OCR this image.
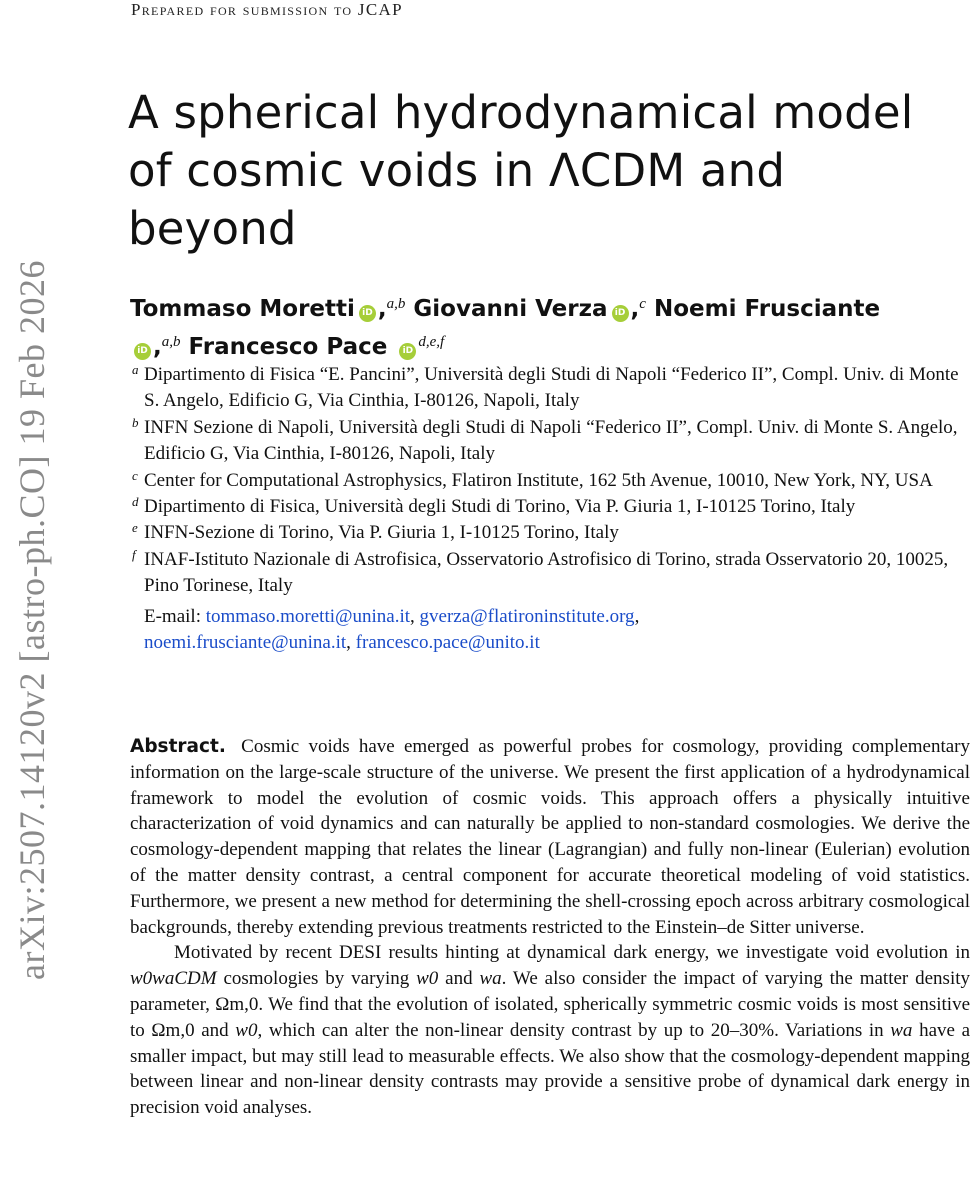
arXiv:2507.14120v2 [astro-ph.CO] 19 Feb 2026
Prepared for submission to JCAP
A spherical hydrodynamical model
of cosmic voids in ΛCDM and
beyond
Tommaso Moretti iD ,$^{a,b}$ Giovanni Verza iD ,$^c$ Noemi Frusciante
iD ,$^{a,b}$ Francesco Pace iD$^{d,e,f}$
a Dipartimento di Fisica “E. Pancini”, Università degli Studi di Napoli “Federico II”, Compl. Univ. di Monte S. Angelo, Edificio G, Via Cinthia, I-80126, Napoli, Italy
b INFN Sezione di Napoli, Università degli Studi di Napoli “Federico II”, Compl. Univ. di Monte S. Angelo, Edificio G, Via Cinthia, I-80126, Napoli, Italy
c Center for Computational Astrophysics, Flatiron Institute, 162 5th Avenue, 10010, New York, NY, USA
d Dipartimento di Fisica, Università degli Studi di Torino, Via P. Giuria 1, I-10125 Torino, Italy
e INFN-Sezione di Torino, Via P. Giuria 1, I-10125 Torino, Italy
f INAF-Istituto Nazionale di Astrofisica, Osservatorio Astrofisico di Torino, strada Osservatorio 20, 10025, Pino Torinese, Italy
E-mail: tommaso.moretti@unina.it, gverza@flatironinstitute.org,
noemi.frusciante@unina.it, francesco.pace@unito.it

Abstract. Cosmic voids have emerged as powerful probes for cosmology, providing complementary information on the large-scale structure of the universe. We present the first application of a hydrodynamical framework to model the evolution of cosmic voids. This approach offers a physically intuitive characterization of void dynamics and can naturally be applied to non-standard cosmologies. We derive the cosmology-dependent mapping that relates the linear (Lagrangian) and fully non-linear (Eulerian) evolution of the matter density contrast, a central component for accurate theoretical modeling of void statistics. Furthermore, we present a new method for determining the shell-crossing epoch across arbitrary cosmological backgrounds, thereby extending previous treatments restricted to the Einstein–de Sitter universe.

Motivated by recent DESI results hinting at dynamical dark energy, we investigate void evolution in w0waCDM cosmologies by varying w0 and wa. We also consider the impact of varying the matter density parameter, Ωm,0. We find that the evolution of isolated, spherically symmetric cosmic voids is most sensitive to Ωm,0 and w0, which can alter the non-linear density contrast by up to 20–30%. Variations in wa have a smaller impact, but may still lead to measurable effects. We also show that the cosmology-dependent mapping between linear and non-linear density contrasts may provide a sensitive probe of dynamical dark energy in precision void analyses.
